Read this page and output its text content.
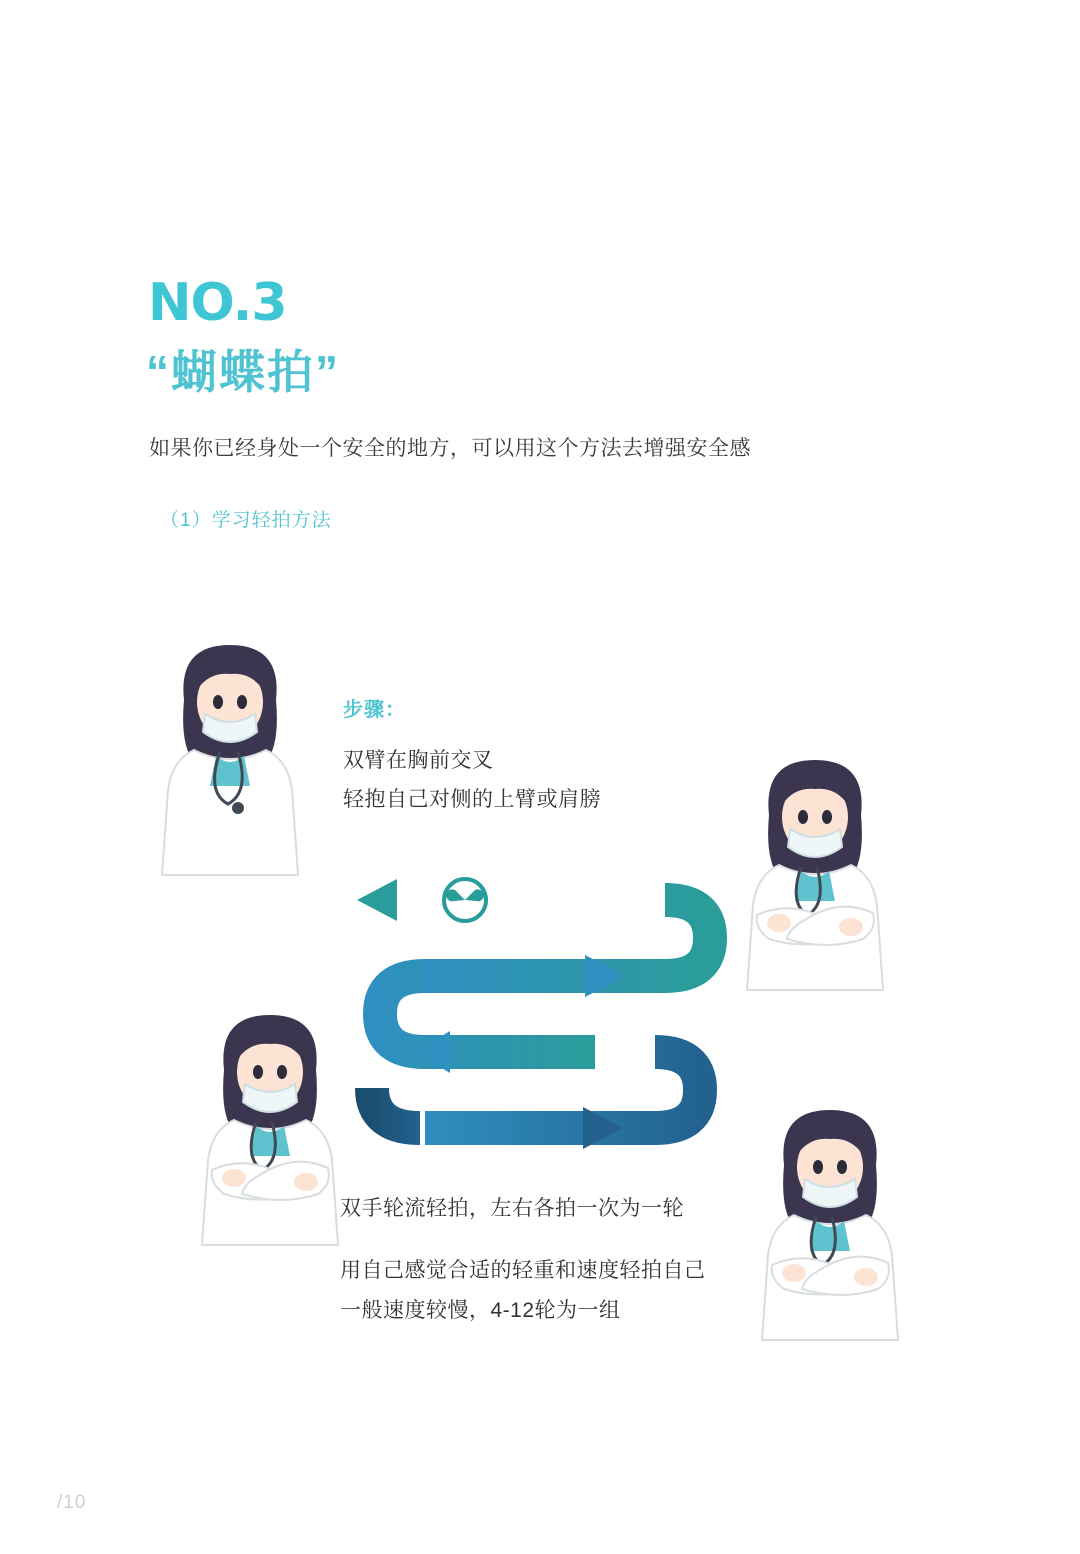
NO.3
“蝴蝶拍”
如果你已经身处一个安全的地方，可以用这个方法去增强安全感
（1）学习轻拍方法
步骤：
双臂在胸前交叉
轻抱自己对侧的上臂或肩膀
双手轮流轻拍，左右各拍一次为一轮
用自己感觉合适的轻重和速度轻拍自己
一般速度较慢，4-12轮为一组
/10
